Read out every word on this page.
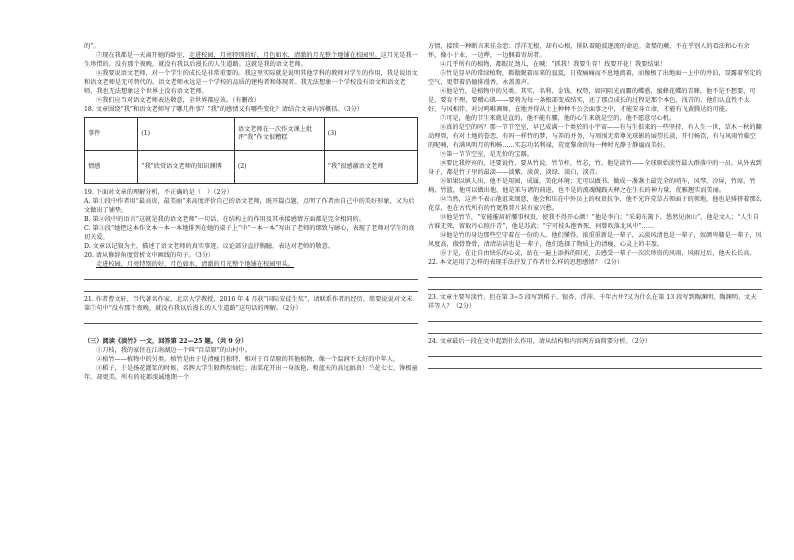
的”。

⑦现在我都是一天离开她的卧室，走进校园，月亮特别的好，月色如水，清澈的月光整个地铺在校园里。这月光是我一生珍惜的。没有那个夜晚，就没有我以后漫长的人生道路。这就是我的语文老师。

⑧我要说语文老师，对一个学生的成长是非常重要的。我这里实际就是说明其他学科的教师对学生的作用，我是说语文和语文老师是无可替代的。语文老师永远是一个学校的品质的建构者和体现者。我无法想象一个学校没有语文和语文老师，我也无法想象这个世界上没有语文老师。

⑨我们应当对语文老师表达敬意，全世界都应该。（有删改）

18. 文章围绕“我”和语文老师写了哪几件事？“我”的感情又有哪些变化？请结合文章内容概括。（3分）

事件	(1)	语文老师在一次作文课上批评“我”作文很糟糕	(3)
情感	“我”欣赏语文老师的知识渊博	(2)	“我”很感激语文老师

19. 下面对文章的理解分析，不正确的是（　）（2分）

A. 第①段中作者用“最高贵，最美丽”来高度评价自己的语文老师，既开篇点题，点明了作者由自己中的美好形象，又为后文做出了铺垫。

B. 第②段中的语言“这就是我的语文老师”一句话，在结构上的作用及其承接感情方面都是完全相同的。

C. 第③段“她把这本作文本一本一本地排列在她的桌子上”中“一本一本”写出了老师的细致与耐心，表现了老师对学生的真切关爱。

D. 文章以记叙为主，描述了语文老师的真实事迹，议论部分直抒胸臆，表达对老师的敬意。

20. 请从修辞角度赏析文中画线的句子。（3分）

走进校园，月亮特别的好，月色如水，清澈的月光整个地铺在校园里头。

21. 作者曹文轩，当代著名作家，北京大学教授，2016 年 4 月获“国际安徒生奖”，请联系作者的经历，简要说说对文末第⑦句中“没有那个夜晚，就没有我以后漫长的人生道路”这句话的理解。（2分）

（三）阅读《淡竹》一文，回答第 22—25 题。（共 9 分）

①刀枝，我的家住在江南湖边一个叫“百草原”的山村中。

②植竹——植物中的另类。植竹是由于是清瘦且独特，相对于百草原的其他植物，像一个温润不太好的中年人。

③稻子，于是扬花灌浆的时候，名牌大学生般辉煌灿烂；油菜花开出一身浓艳，和蓝天的高远搞贵）兰花七七，馋极童年，却更美，所有的花都虔诚地期一个

方情，接续一种断言来佳金恋；浮洋无根，却有心根，排队着随波逐流的命运。贪婪的蕨，不在乎别人的看法和心有余怀，像小于业，一边哗，一边捆着寄居者。

④几乎所有的植物，都眼足劲儿，在喊：“抓我！我要生存！找要开花！我要结果！

⑤竹是显早的常绿植物，都傲睨着而来的寂寞，日夜痛痛而不息地流着，而像极了出地面一上中的井泊，显露着坚定的空气，更带着沿德排漫香，永盖盖声。

⑥他是竹，是植物中的另类。其实，名利、金钱、权势，如同阻光而霸的蝶惑，蜜蜂花蝶的青睐，他不是不想要，可是，要育不理，要赠心肌——要将为每一条根部变成结实，还了那点成长的过程是那个本色，浅青的，他们认直性不太好，与风相伴，对讨鸣啭调舞，在地并得从土上种种不公会面事之中，才能安身立命，才能有飞黄腾达的可能。

⑦可是，他的节生来就是直的，他不能有腰，他的心生来就是空的，他不愿意尽心机。

⑧真的是空的吗？那一节节空室，早已成满一个类於的小宇宙——有与生俱来的一些坚持，有人生一世，草木一秋的翻动理智，有对土地的眷恋，有吗一样竹的梦，与养的并务，与周围无常尊光球影的展望长淡，开行畅饮，有与风雨竹临空的呢喃，有满风明月的和畅……实忘功名利禄，荒宽黎命的每一种时光静于静谧而美好。

⑨第一节节空室，是无价的宝器。

⑩要比我停弃的，还要说竹，要从竹说。竹节杆，竹芯，竹。他是淡竹——全球原始淡竹最大群落中的一员。从外表到身子，都是竹子里的最淡——淡紫，淡黄，淡绿，淡白，淡青。

⑪如果以镇人出，他不是用园，成属，美化环境；无可以做书，做成一盏盏土最完全的哨车，风琴，冷屏，竹席，竹椅，竹篮，他可以做出他，他是笨与诸的前进，也不是的流魂魄践天释之在生长的神力量，优雅翘实而美丽。

⑫当然，这并不表示他诅来颂意，他会和压在中外员上的权贵抗争，他不光许荒草占领面于的领地，他也是排挤着那么花草，也在古代所有的竹更胜普片甚有家兴愁。

⑬他是竹节，“安能摧眉折腰事权贵，使我不得开心颜！”他是李白；“采菊东篱下，悠然见南山”，他是文人；“人生自古谁无死，留取丹心照汗青”，他是苏武；“宁可枝头抱香死，何曾吹落北风中”……

⑭他是竹的身边那些空守着在一份的人。他们懂得，浓重重新是一辈子，云淡风清也是一辈子，奴颜卑膝是一辈子，风风度高，傲骨脊骨，清清洁洁也是一辈子，他们选择了物质上的清瘦，心灵上的丰盈。

⑮于是，在让自由快乐的心灵，站在一遍上添拆的阳光，去感受一辈子一次次珍贵的风雨，风雨过后，他天长长高。

22. 本文运用了怎样的表现手法抒发了作者什么样的思想感情？（2分）

23. 文章主要写淡竹，但在第 3~5 段写到稻子、银杏、浮萍、千年古井?又为什么在第 13 段写到陶渊明、陶渊明、文天祥等人？（2分）

24. 文章最后一段在文中起到什么作用，请从结构和内容两方面简要分析。（2分）
